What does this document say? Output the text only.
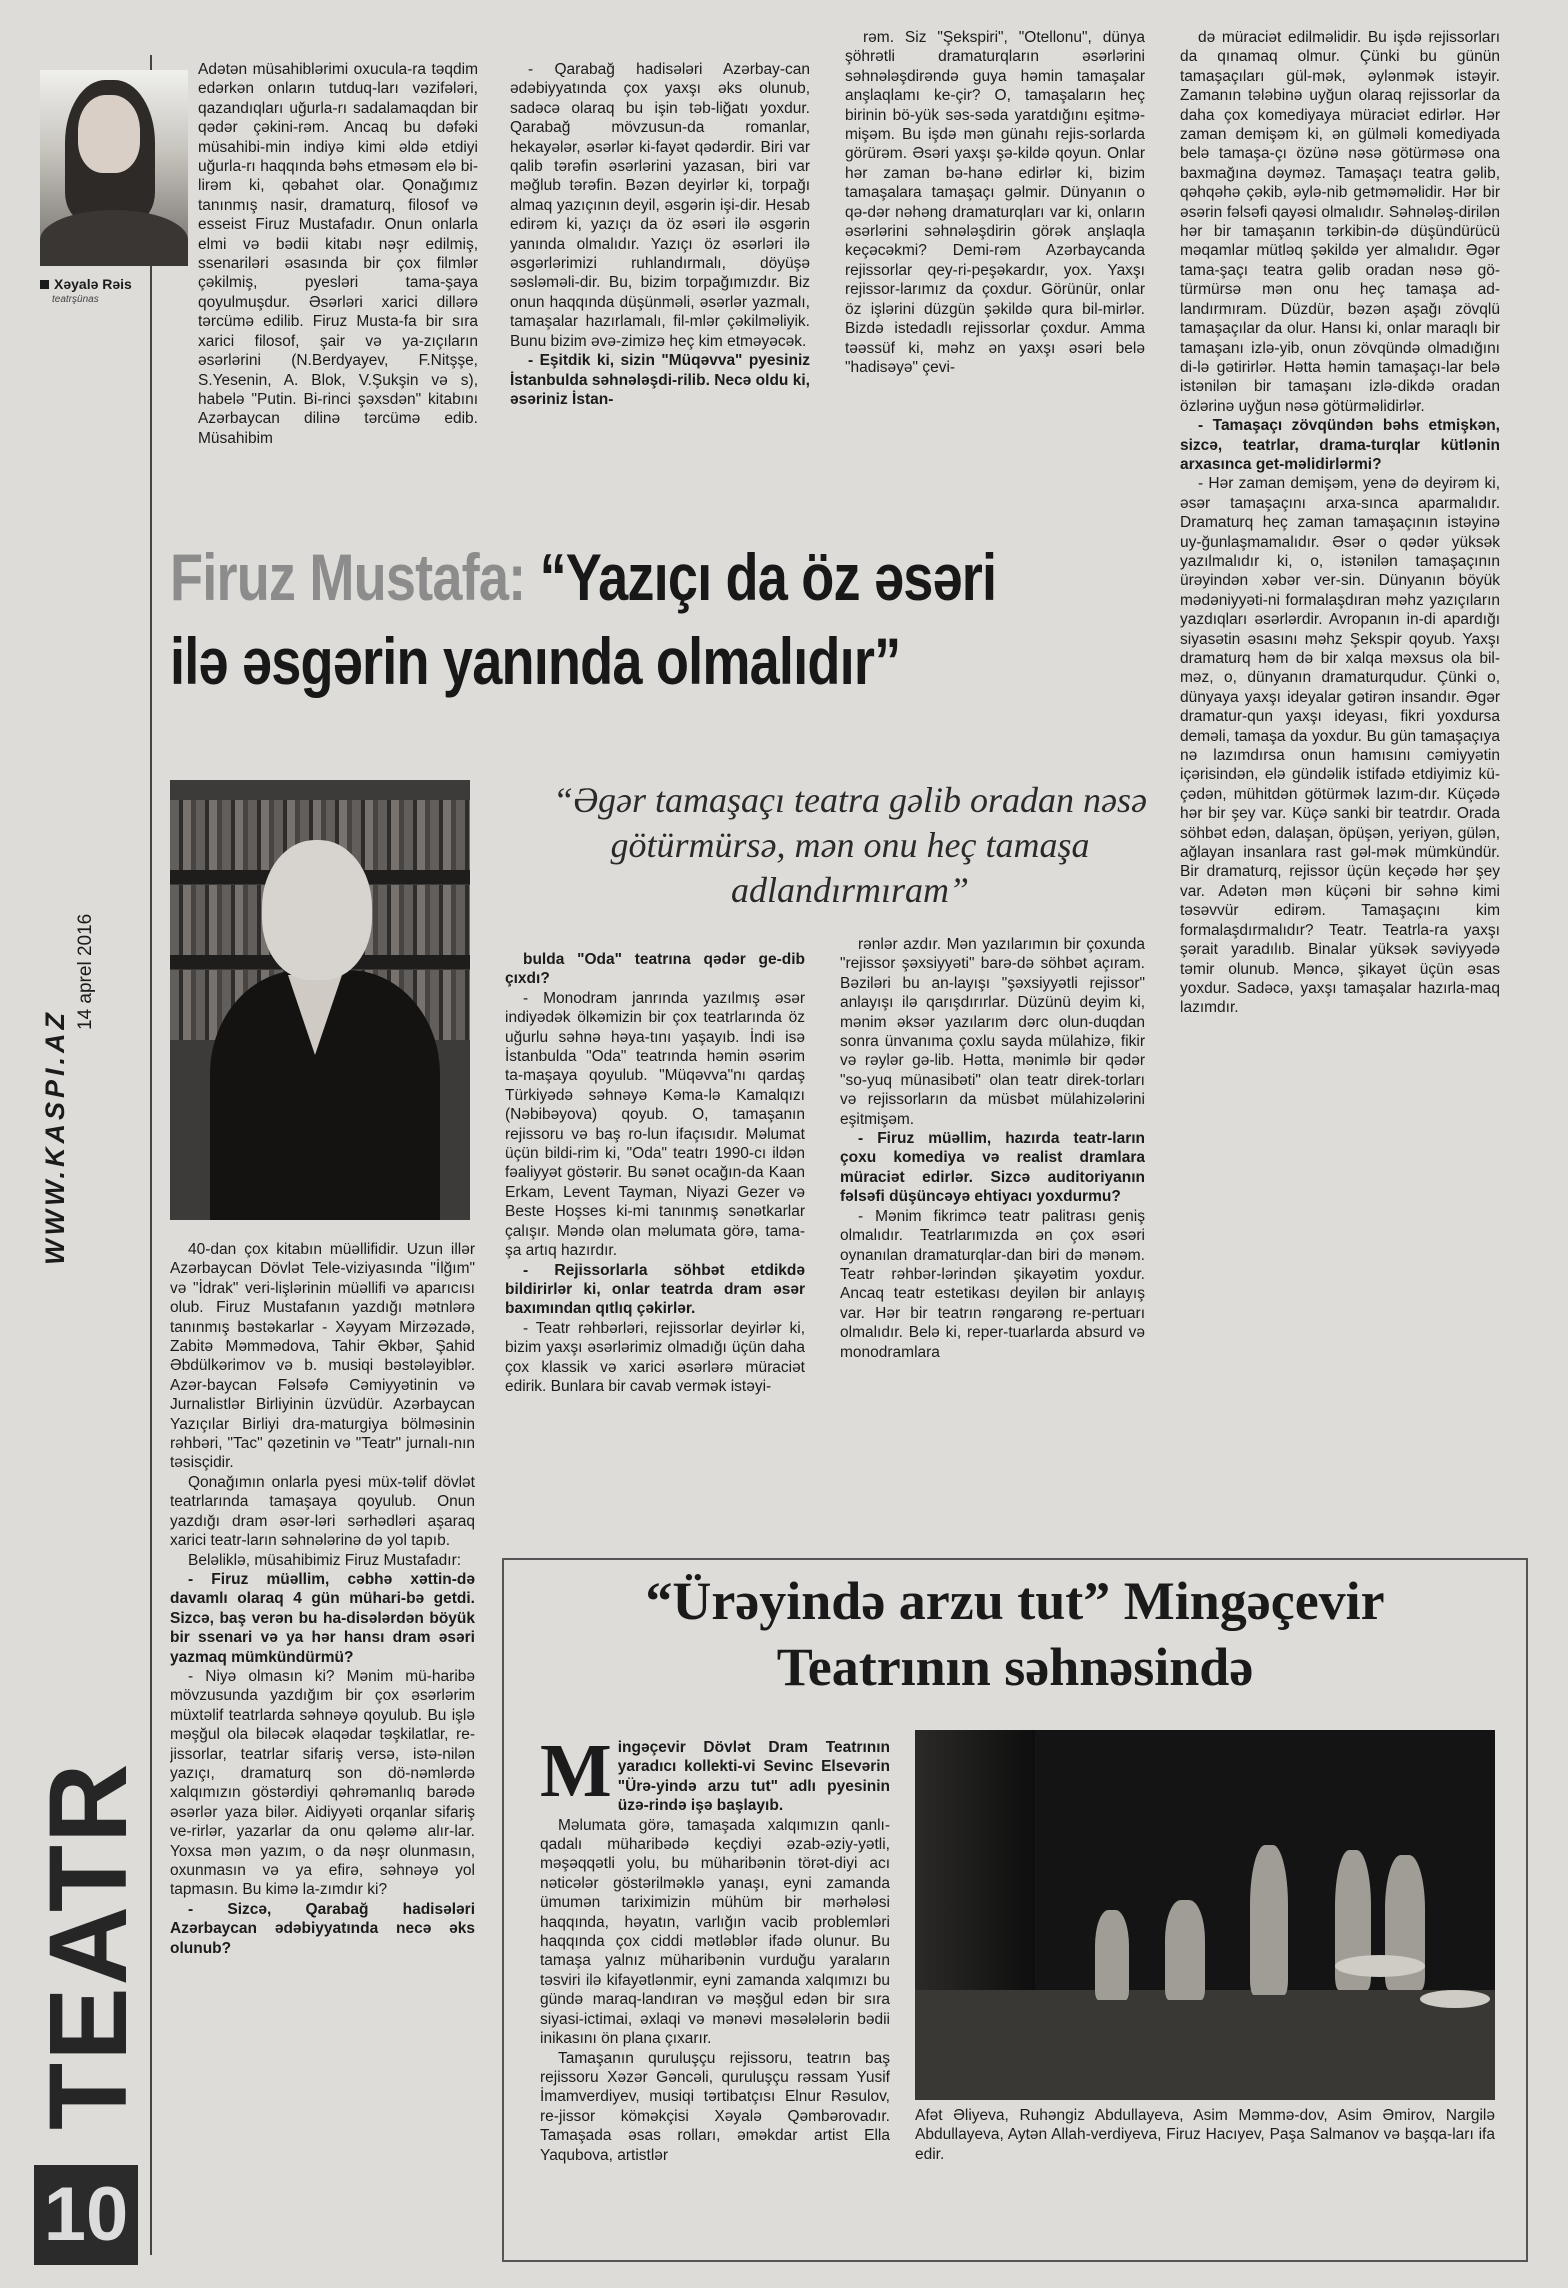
WWW.KASPI.AZ
14 aprel 2016
TEATR
10
Xəyalə Rəis
teatrşünas

Adətən müsahiblərimi oxucula-ra təqdim edərkən onların tutduq-ları vəzifələri, qazandıqları uğurla-rı sadalamaqdan bir qədər çəkini-rəm. Ancaq bu dəfəki müsahibi-min indiyə kimi əldə etdiyi uğurla-rı haqqında bəhs etməsəm elə bi-lirəm ki, qəbahət olar. Qonağımız tanınmış nasir, dramaturq, filosof və esseist Firuz Mustafadır. Onun onlarla elmi və bədii kitabı nəşr edilmiş, ssenariləri əsasında bir çox filmlər çəkilmiş, pyesləri tama-şaya qoyulmuşdur. Əsərləri xarici dillərə tərcümə edilib. Firuz Musta-fa bir sıra xarici filosof, şair və ya-zıçıların əsərlərini (N.Berdyayev, F.Nitşşe, S.Yesenin, A. Blok, V.Şukşin və s), habelə "Putin. Bi-rinci şəxsdən" kitabını Azərbaycan dilinə tərcümə edib. Müsahibim

- Qarabağ hadisələri Azərbay-can ədəbiyyatında çox yaxşı əks olunub, sadəcə olaraq bu işin təb-liğatı yoxdur. Qarabağ mövzusun-da romanlar, hekayələr, əsərlər ki-fayət qədərdir. Biri var qalib tərəfin əsərlərini yazasan, biri var məğlub tərəfin. Bəzən deyirlər ki, torpağı almaq yazıçının deyil, əsgərin işi-dir. Hesab edirəm ki, yazıçı da öz əsəri ilə əsgərin yanında olmalıdır. Yazıçı öz əsərləri ilə əsgərlərimizi ruhlandırmalı, döyüşə səsləməli-dir. Bu, bizim torpağımızdır. Biz onun haqqında düşünməli, əsərlər yazmalı, tamaşalar hazırlamalı, fil-mlər çəkilməliyik. Bunu bizim əvə-zimizə heç kim etməyəcək.

- Eşitdik ki, sizin "Müqəvva" pyesiniz İstanbulda səhnələşdi-rilib. Necə oldu ki, əsəriniz İstan-

rəm. Siz "Şekspiri", "Otellonu", dünya şöhrətli dramaturqların əsərlərini səhnələşdirəndə guya həmin tamaşalar anşlaqlamı ke-çir? O, tamaşaların heç birinin bö-yük səs-səda yaratdığını eşitmə-mişəm. Bu işdə mən günahı rejis-sorlarda görürəm. Əsəri yaxşı şə-kildə qoyun. Onlar hər zaman bə-hanə edirlər ki, bizim tamaşalara tamaşaçı gəlmir. Dünyanın o qə-dər nəhəng dramaturqları var ki, onların əsərlərini səhnələşdirin görək anşlaqla keçəcəkmi? Demi-rəm Azərbaycanda rejissorlar qey-ri-peşəkardır, yox. Yaxşı rejissor-larımız da çoxdur. Görünür, onlar öz işlərini düzgün şəkildə qura bil-mirlər. Bizdə istedadlı rejissorlar çoxdur. Amma təəssüf ki, məhz ən yaxşı əsəri belə "hadisəyə" çevi-

də müraciət edilməlidir. Bu işdə rejissorları da qınamaq olmur. Çünki bu günün tamaşaçıları gül-mək, əylənmək istəyir. Zamanın tələbinə uyğun olaraq rejissorlar da daha çox komediyaya müraciət edirlər. Hər zaman demişəm ki, ən gülməli komediyada belə tamaşa-çı özünə nəsə götürməsə ona baxmağına dəyməz. Tamaşaçı teatra gəlib, qəhqəhə çəkib, əylə-nib getməməlidir. Hər bir əsərin fəlsəfi qayəsi olmalıdır. Səhnələş-dirilən hər bir tamaşanın tərkibin-də düşündürücü məqamlar mütləq şəkildə yer almalıdır. Əgər tama-şaçı teatra gəlib oradan nəsə gö-türmürsə mən onu heç tamaşa ad-landırmıram. Düzdür, bəzən aşağı zövqlü tamaşaçılar da olur. Hansı ki, onlar maraqlı bir tamaşanı izlə-yib, onun zövqündə olmadığını di-lə gətirirlər. Hətta həmin tamaşaçı-lar belə istənilən bir tamaşanı izlə-dikdə oradan özlərinə uyğun nəsə götürməlidirlər.

- Tamaşaçı zövqündən bəhs etmişkən, sizcə, teatrlar, drama-turqlar kütlənin arxasınca get-məlidirlərmi?

- Hər zaman demişəm, yenə də deyirəm ki, əsər tamaşaçını arxa-sınca aparmalıdır. Dramaturq heç zaman tamaşaçının istəyinə uy-ğunlaşmamalıdır. Əsər o qədər yüksək yazılmalıdır ki, o, istənilən tamaşaçının ürəyindən xəbər ver-sin. Dünyanın böyük mədəniyyəti-ni formalaşdıran məhz yazıçıların yazdıqları əsərlərdir. Avropanın in-di apardığı siyasətin əsasını məhz Şekspir qoyub. Yaxşı dramaturq həm də bir xalqa məxsus ola bil-məz, o, dünyanın dramaturqudur. Çünki o, dünyaya yaxşı ideyalar gətirən insandır. Əgər dramatur-qun yaxşı ideyası, fikri yoxdursa deməli, tamaşa da yoxdur. Bu gün tamaşaçıya nə lazımdırsa onun hamısını cəmiyyətin içərisindən, elə gündəlik istifadə etdiyimiz kü-çədən, mühitdən götürmək lazım-dır. Küçədə hər bir şey var. Küçə sanki bir teatrdır. Orada söhbət edən, dalaşan, öpüşən, yeriyən, gülən, ağlayan insanlara rast gəl-mək mümkündür. Bir dramaturq, rejissor üçün keçədə hər şey var. Adətən mən küçəni bir səhnə kimi təsəvvür edirəm. Tamaşaçını kim formalaşdırmalıdır? Teatr. Teatrla-ra yaxşı şərait yaradılıb. Binalar yüksək səviyyədə təmir olunub. Məncə, şikayət üçün əsas yoxdur. Sadəcə, yaxşı tamaşalar hazırla-maq lazımdır.

Firuz Mustafa: “Yazıçı da öz əsəri
ilə əsgərin yanında olmalıdır”
“Əgər tamaşaçı teatra gəlib oradan nəsə götürmürsə, mən onu heç tamaşa adlandırmıram”

40-dan çox kitabın müəllifidir. Uzun illər Azərbaycan Dövlət Tele-viziyasında "İlğım" və "İdrak" veri-lişlərinin müəllifi və aparıcısı olub. Firuz Mustafanın yazdığı mətnlərə tanınmış bəstəkarlar - Xəyyam Mirzəzadə, Zabitə Məmmədova, Tahir Əkbər, Şahid Əbdülkərimov və b. musiqi bəstələyiblər. Azər-baycan Fəlsəfə Cəmiyyətinin və Jurnalistlər Birliyinin üzvüdür. Azərbaycan Yazıçılar Birliyi dra-maturgiya bölməsinin rəhbəri, "Tac" qəzetinin və "Teatr" jurnalı-nın təsisçidir.

Qonağımın onlarla pyesi müx-təlif dövlət teatrlarında tamaşaya qoyulub. Onun yazdığı dram əsər-ləri sərhədləri aşaraq xarici teatr-ların səhnələrinə də yol tapıb.

Beləliklə, müsahibimiz Firuz Mustafadır:

- Firuz müəllim, cəbhə xəttin-də davamlı olaraq 4 gün mühari-bə getdi. Sizcə, baş verən bu ha-disələrdən böyük bir ssenari və ya hər hansı dram əsəri yazmaq mümkündürmü?

- Niyə olmasın ki? Mənim mü-haribə mövzusunda yazdığım bir çox əsərlərim müxtəlif teatrlarda səhnəyə qoyulub. Bu işlə məşğul ola biləcək əlaqədar təşkilatlar, re-jissorlar, teatrlar sifariş versə, istə-nilən yazıçı, dramaturq son dö-nəmlərdə xalqımızın göstərdiyi qəhrəmanlıq barədə əsərlər yaza bilər. Aidiyyəti orqanlar sifariş ve-rirlər, yazarlar da onu qələmə alır-lar. Yoxsa mən yazım, o da nəşr olunmasın, oxunmasın və ya efirə, səhnəyə yol tapmasın. Bu kimə la-zımdır ki?

- Sizcə, Qarabağ hadisələri Azərbaycan ədəbiyyatında necə əks olunub?

bulda "Oda" teatrına qədər ge-dib çıxdı?

- Monodram janrında yazılmış əsər indiyədək ölkəmizin bir çox teatrlarında öz uğurlu səhnə həya-tını yaşayıb. İndi isə İstanbulda "Oda" teatrında həmin əsərim ta-maşaya qoyulub. "Müqəvva"nı qardaş Türkiyədə səhnəyə Kəma-lə Kamalqızı (Nəbibəyova) qoyub. O, tamaşanın rejissoru və baş ro-lun ifaçısıdır. Məlumat üçün bildi-rim ki, "Oda" teatrı 1990-cı ildən fəaliyyət göstərir. Bu sənət ocağın-da Kaan Erkam, Levent Tayman, Niyazi Gezer və Beste Hoşses ki-mi tanınmış sənətkarlar çalışır. Məndə olan məlumata görə, tama-şa artıq hazırdır.

- Rejissorlarla söhbət etdikdə bildirirlər ki, onlar teatrda dram əsər baxımından qıtlıq çəkirlər.

- Teatr rəhbərləri, rejissorlar deyirlər ki, bizim yaxşı əsərlərimiz olmadığı üçün daha çox klassik və xarici əsərlərə müraciət edirik. Bunlara bir cavab vermək istəyi-

rənlər azdır. Mən yazılarımın bir çoxunda "rejissor şəxsiyyəti" barə-də söhbət açıram. Bəziləri bu an-layışı "şəxsiyyətli rejissor" anlayışı ilə qarışdırırlar. Düzünü deyim ki, mənim əksər yazılarım dərc olun-duqdan sonra ünvanıma çoxlu sayda mülahizə, fikir və rəylər gə-lib. Hətta, mənimlə bir qədər "so-yuq münasibəti" olan teatr direk-torları və rejissorların da müsbət mülahizələrini eşitmişəm.

- Firuz müəllim, hazırda teatr-ların çoxu komediya və realist dramlara müraciət edirlər. Sizcə auditoriyanın fəlsəfi düşüncəyə ehtiyacı yoxdurmu?

- Mənim fikrimcə teatr palitrası geniş olmalıdır. Teatrlarımızda ən çox əsəri oynanılan dramaturqlar-dan biri də mənəm. Teatr rəhbər-lərindən şikayətim yoxdur. Ancaq teatr estetikası deyilən bir anlayış var. Hər bir teatrın rəngarəng re-pertuarı olmalıdır. Belə ki, reper-tuarlarda absurd və monodramlara

“Ürəyində arzu tut” Mingəçevir
Teatrının səhnəsində

Mingəçevir Dövlət Dram Teatrının yaradıcı kollekti-vi Sevinc Elsevərin "Ürə-yində arzu tut" adlı pyesinin üzə-rində işə başlayıb.

Məlumata görə, tamaşada xalqımızın qanlı-qadalı müharibədə keçdiyi əzab-əziy-yətli, məşəqqətli yolu, bu müharibənin törət-diyi acı nəticələr göstərilməklə yanaşı, eyni zamanda ümumən tariximizin mühüm bir mərhələsi haqqında, həyatın, varlığın vacib problemləri haqqında çox ciddi mətləblər ifadə olunur. Bu tamaşa yalnız müharibənin vurduğu yaraların təsviri ilə kifayətlənmir, eyni zamanda xalqımızı bu gündə maraq-landıran və məşğul edən bir sıra siyasi-ictimai, əxlaqi və mənəvi məsələlərin bədii inikasını ön plana çıxarır.

Tamaşanın quruluşçu rejissoru, teatrın baş rejissoru Xəzər Gəncəli, quruluşçu rəssam Yusif İmamverdiyev, musiqi tərtibatçısı Elnur Rəsulov, re-jissor köməkçisi Xəyalə Qəmbərovadır. Tamaşada əsas rolları, əməkdar artist Ella Yaqubova, artistlər

Afət Əliyeva, Ruhəngiz Abdullayeva, Asim Məmmə-dov, Asim Əmirov, Nargilə Abdullayeva, Aytən Allah-verdiyeva, Firuz Hacıyev, Paşa Salmanov və başqa-ları ifa edir.
